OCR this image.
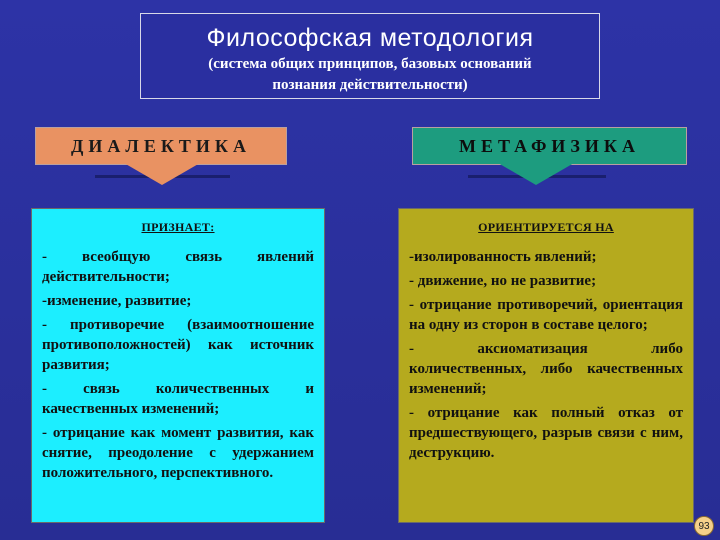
Философская методология
(система общих принципов, базовых оснований
познания действительности)
ДИАЛЕКТИКА	МЕТАФИЗИКА
ПРИЗНАЕТ:

- всеобщую связь явлений действительности;

-изменение, развитие;

- противоречие (взаимоотношение противоположностей) как источник развития;

- связь количественных и качественных изменений;

- отрицание как момент развития, как снятие, преодоление с удержанием положительного, перспективного.

ОРИЕНТИРУЕТСЯ НА

-изолированность явлений;

- движение, но не развитие;

- отрицание противоречий, ориентация на одну из сторон в составе целого;

- аксиоматизация либо количественных, либо качественных изменений;

- отрицание как полный отказ от предшествующего, разрыв связи с ним, деструкцию.

93
